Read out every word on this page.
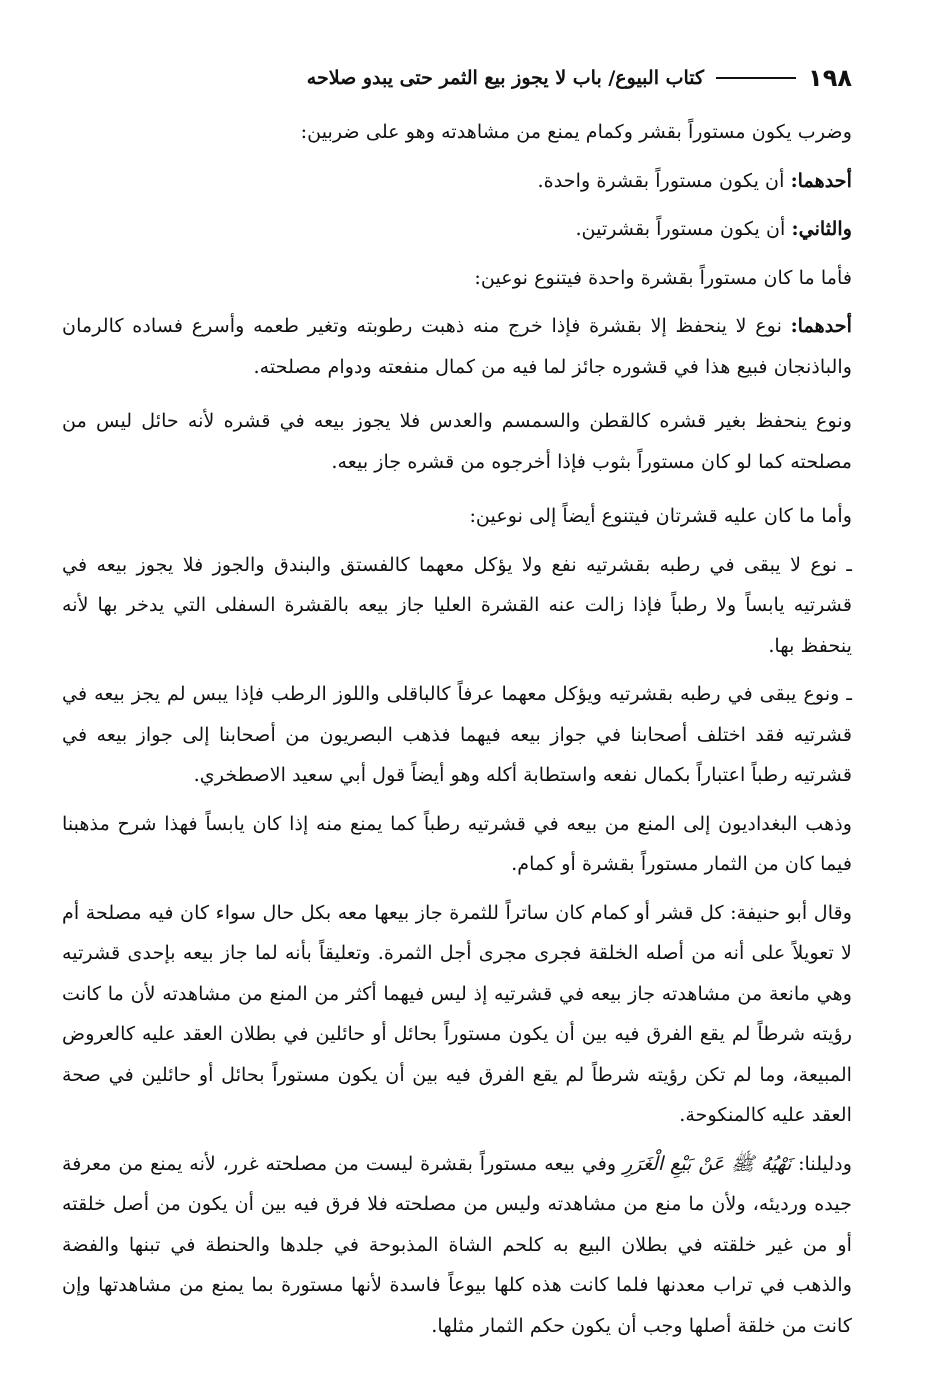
١٩٨
كتاب البيوع/ باب لا يجوز بيع الثمر حتى يبدو صلاحه

وضرب يكون مستوراً بقشر وكمام يمنع من مشاهدته وهو على ضربين:

أحدهما: أن يكون مستوراً بقشرة واحدة.

والثاني: أن يكون مستوراً بقشرتين.

فأما ما كان مستوراً بقشرة واحدة فيتنوع نوعين:

أحدهما: نوع لا ينحفظ إلا بقشرة فإذا خرج منه ذهبت رطوبته وتغير طعمه وأسرع فساده كالرمان والباذنجان فبيع هذا في قشوره جائز لما فيه من كمال منفعته ودوام مصلحته.

ونوع ينحفظ بغير قشره كالقطن والسمسم والعدس فلا يجوز بيعه في قشره لأنه حائل ليس من مصلحته كما لو كان مستوراً بثوب فإذا أخرجوه من قشره جاز بيعه.

وأما ما كان عليه قشرتان فيتنوع أيضاً إلى نوعين:

ـ نوع لا يبقى في رطبه بقشرتيه نفع ولا يؤكل معهما كالفستق والبندق والجوز فلا يجوز بيعه في قشرتيه يابساً ولا رطباً فإذا زالت عنه القشرة العليا جاز بيعه بالقشرة السفلى التي يدخر بها لأنه ينحفظ بها.

ـ ونوع يبقى في رطبه بقشرتيه ويؤكل معهما عرفاً كالباقلى واللوز الرطب فإذا يبس لم يجز بيعه في قشرتيه فقد اختلف أصحابنا في جواز بيعه فيهما فذهب البصريون من أصحابنا إلى جواز بيعه في قشرتيه رطباً اعتباراً بكمال نفعه واستطابة أكله وهو أيضاً قول أبي سعيد الاصطخري.

وذهب البغداديون إلى المنع من بيعه في قشرتيه رطباً كما يمنع منه إذا كان يابساً فهذا شرح مذهبنا فيما كان من الثمار مستوراً بقشرة أو كمام.

وقال أبو حنيفة: كل قشر أو كمام كان ساتراً للثمرة جاز بيعها معه بكل حال سواء كان فيه مصلحة أم لا تعويلاً على أنه من أصله الخلقة فجرى مجرى أجل الثمرة. وتعليقاً بأنه لما جاز بيعه بإحدى قشرتيه وهي مانعة من مشاهدته جاز بيعه في قشرتيه إذ ليس فيهما أكثر من المنع من مشاهدته لأن ما كانت رؤيته شرطاً لم يقع الفرق فيه بين أن يكون مستوراً بحائل أو حائلين في بطلان العقد عليه كالعروض المبيعة، وما لم تكن رؤيته شرطاً لم يقع الفرق فيه بين أن يكون مستوراً بحائل أو حائلين في صحة العقد عليه كالمنكوحة.

ودليلنا: نَهْيُهُ ﷺ عَنْ بَيْعِ الْغَرَرِ وفي بيعه مستوراً بقشرة ليست من مصلحته غرر، لأنه يمنع من معرفة جيده ورديئه، ولأن ما منع من مشاهدته وليس من مصلحته فلا فرق فيه بين أن يكون من أصل خلقته أو من غير خلقته في بطلان البيع به كلحم الشاة المذبوحة في جلدها والحنطة في تبنها والفضة والذهب في تراب معدنها فلما كانت هذه كلها بيوعاً فاسدة لأنها مستورة بما يمنع من مشاهدتها وإن كانت من خلقة أصلها وجب أن يكون حكم الثمار مثلها.
